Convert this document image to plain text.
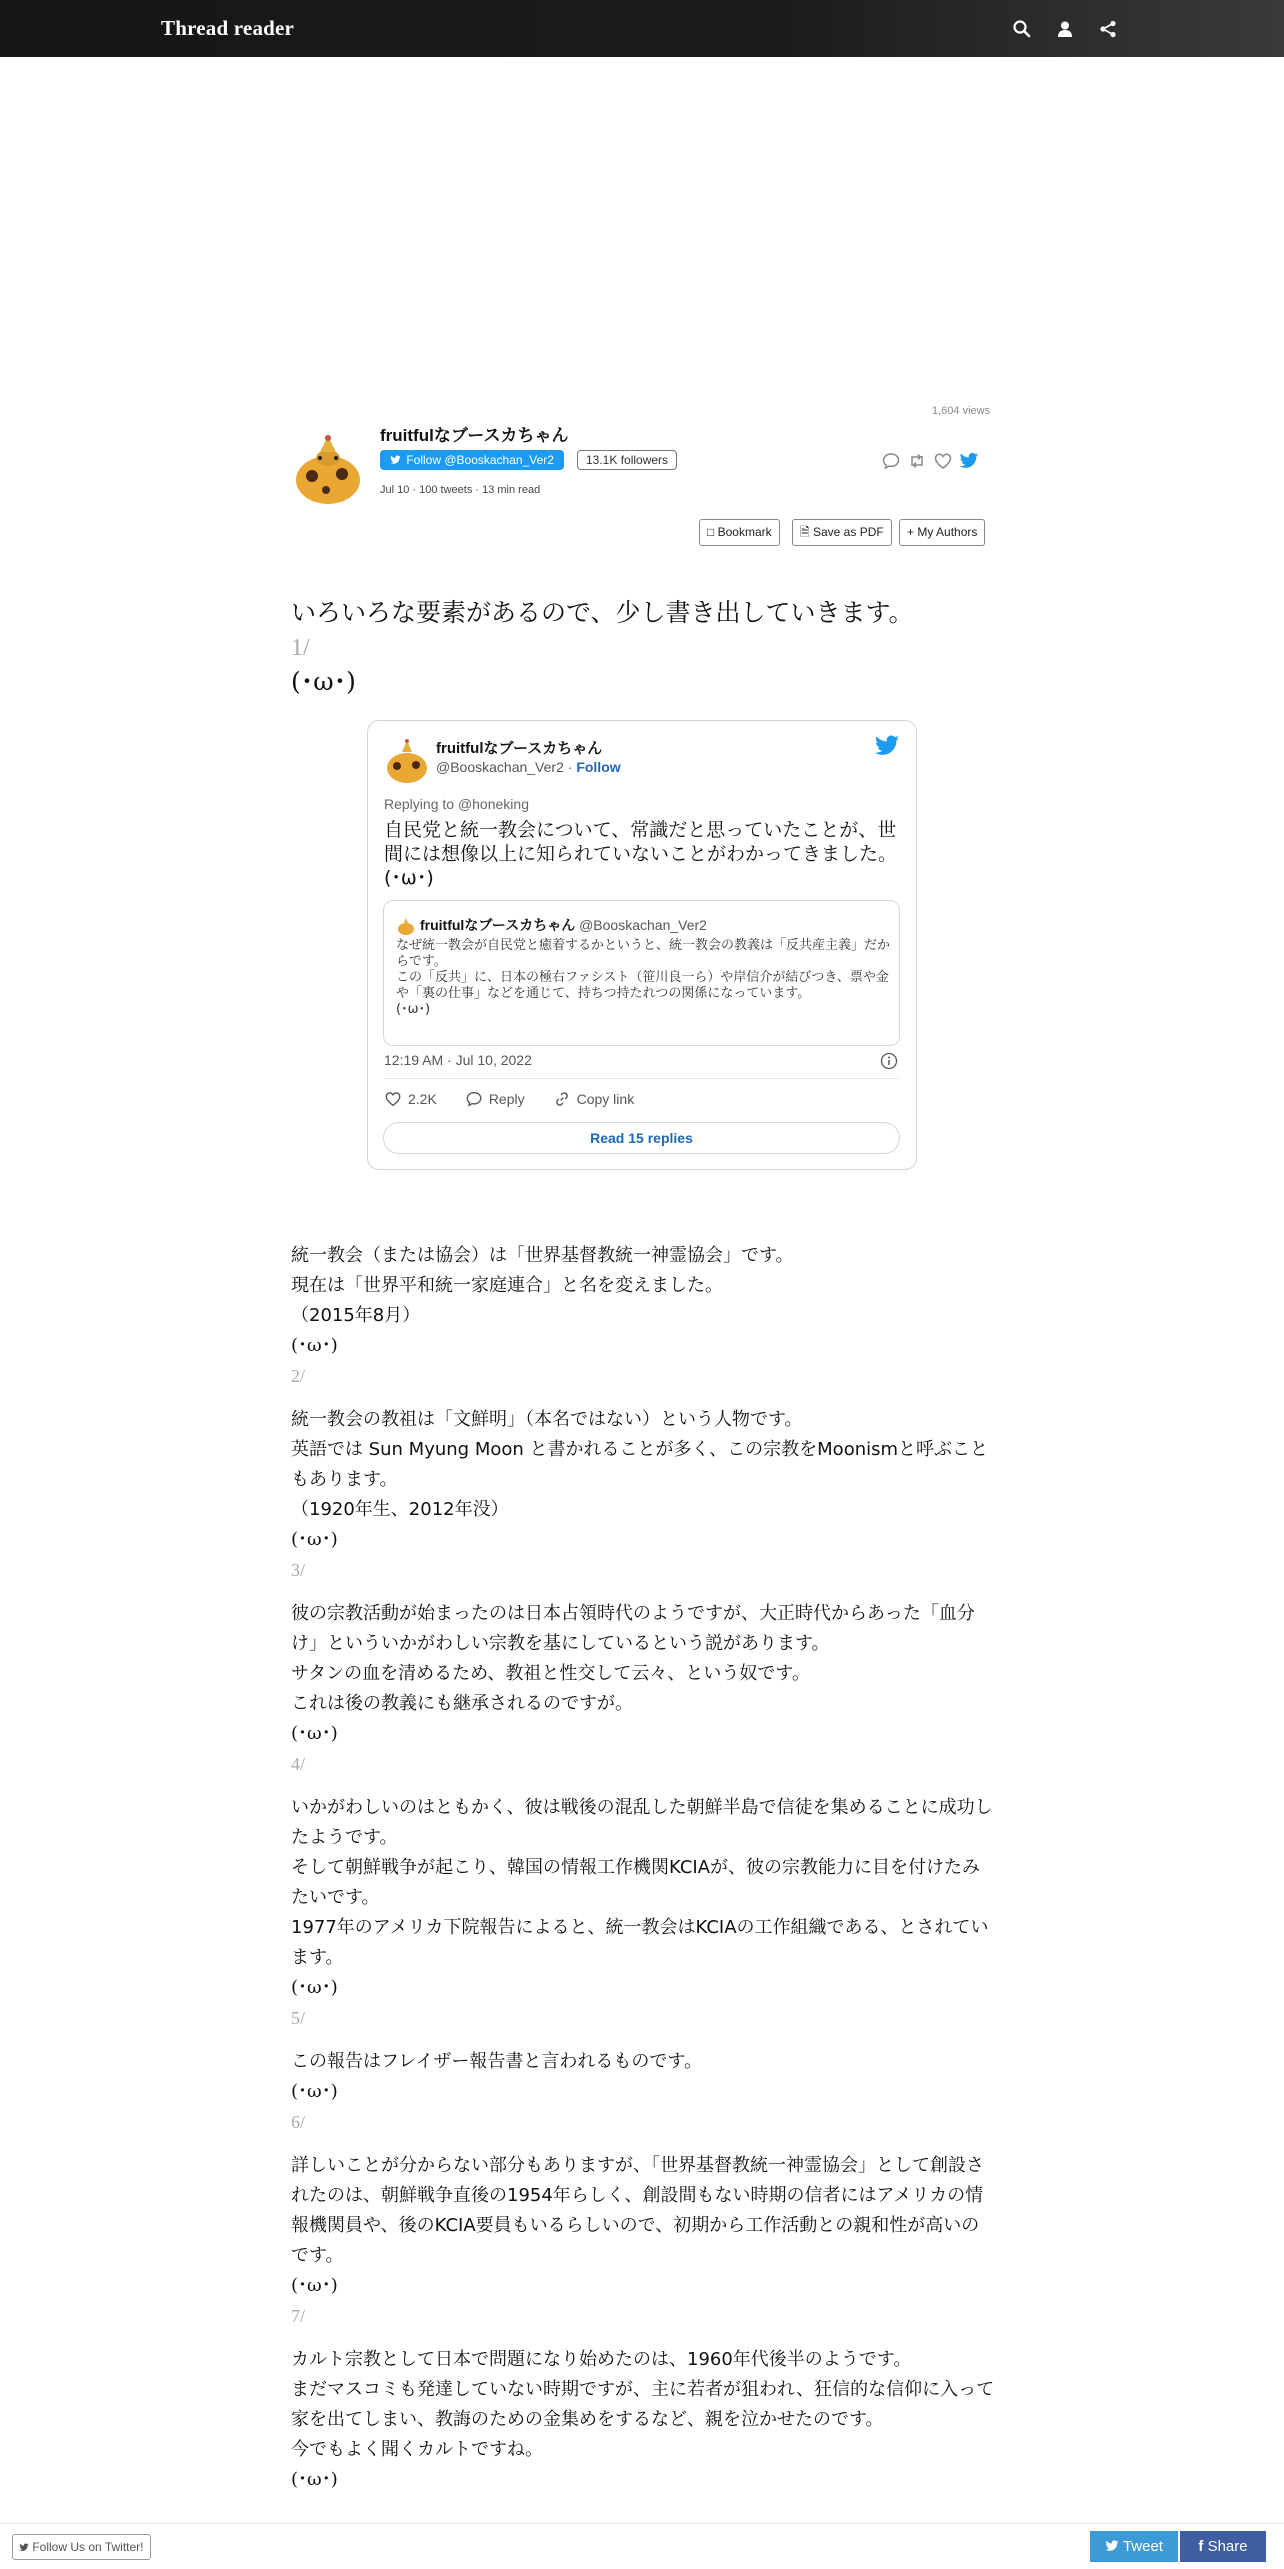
Thread reader
1,604 views
fruitfulなブースカちゃん
Follow @Booskachan_Ver2	13.1K followers
Jul 10 · 100 tweets · 13 min read
□ Bookmark	🗎 Save as PDF	+ My Authors
いろいろな要素があるので、少し書き出していきます。
1/
(･ω･)
fruitfulなブースカちゃん
@Booskachan_Ver2 · Follow
Replying to @honeking
自民党と統一教会について、常識だと思っていたことが、世間には想像以上に知られていないことがわかってきました。
(･ω･)
fruitfulなブースカちゃん @Booskachan_Ver2
なぜ統一教会が自民党と癒着するかというと、統一教会の教義は「反共産主義」だからです。
この「反共」に、日本の極右ファシスト（笹川良一ら）や岸信介が結びつき、票や金や「裏の仕事」などを通じて、持ちつ持たれつの関係になっています。
(･ω･)
12:19 AM · Jul 10, 2022
2.2K	Reply	Copy link
Read 15 replies
統一教会（または協会）は「世界基督教統一神霊協会」です。
現在は「世界平和統一家庭連合」と名を変えました。
（2015年8月）
(･ω･)
2/
統一教会の教祖は「文鮮明」（本名ではない）という人物です。
英語では Sun Myung Moon と書かれることが多く、この宗教をMoonismと呼ぶこともあります。
（1920年生、2012年没）
(･ω･)
3/
彼の宗教活動が始まったのは日本占領時代のようですが、大正時代からあった「血分け」といういかがわしい宗教を基にしているという説があります。
サタンの血を清めるため、教祖と性交して云々、という奴です。
これは後の教義にも継承されるのですが。
(･ω･)
4/
いかがわしいのはともかく、彼は戦後の混乱した朝鮮半島で信徒を集めることに成功したようです。
そして朝鮮戦争が起こり、韓国の情報工作機関KCIAが、彼の宗教能力に目を付けたみたいです。
1977年のアメリカ下院報告によると、統一教会はKCIAの工作組織である、とされています。
(･ω･)
5/
この報告はフレイザー報告書と言われるものです。
(･ω･)
6/
詳しいことが分からない部分もありますが、「世界基督教統一神霊協会」として創設されたのは、朝鮮戦争直後の1954年らしく、創設間もない時期の信者にはアメリカの情報機関員や、後のKCIA要員もいるらしいので、初期から工作活動との親和性が高いのです。
(･ω･)
7/
カルト宗教として日本で問題になり始めたのは、1960年代後半のようです。
まだマスコミも発達していない時期ですが、主に若者が狙われ、狂信的な信仰に入って家を出てしまい、教誨のための金集めをするなど、親を泣かせたのです。
今でもよく聞くカルトですね。
(･ω･)
Follow Us on Twitter!	Tweet	f Share
